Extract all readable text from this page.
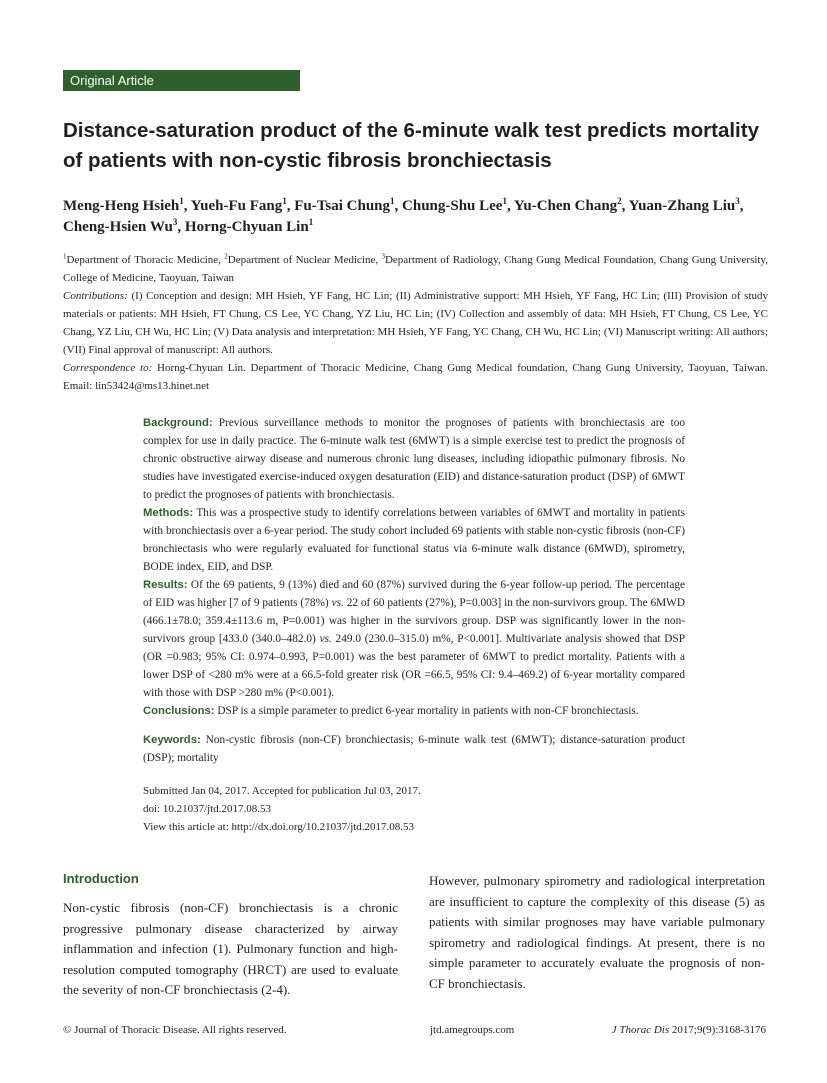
Original Article
Distance-saturation product of the 6-minute walk test predicts mortality of patients with non-cystic fibrosis bronchiectasis
Meng-Heng Hsieh$^1$, Yueh-Fu Fang$^1$, Fu-Tsai Chung$^1$, Chung-Shu Lee$^1$, Yu-Chen Chang$^2$, Yuan-Zhang Liu$^3$, Cheng-Hsien Wu$^3$, Horng-Chyuan Lin$^1$
$^1$Department of Thoracic Medicine, $^2$Department of Nuclear Medicine, $^3$Department of Radiology, Chang Gung Medical Foundation, Chang Gung University, College of Medicine, Taoyuan, Taiwan
Contributions: (I) Conception and design: MH Hsieh, YF Fang, HC Lin; (II) Administrative support: MH Hsieh, YF Fang, HC Lin; (III) Provision of study materials or patients: MH Hsieh, FT Chung, CS Lee, YC Chang, YZ Liu, HC Lin; (IV) Collection and assembly of data: MH Hsieh, FT Chung, CS Lee, YC Chang, YZ Liu, CH Wu, HC Lin; (V) Data analysis and interpretation: MH Hsieh, YF Fang, YC Chang, CH Wu, HC Lin; (VI) Manuscript writing: All authors; (VII) Final approval of manuscript: All authors.
Correspondence to: Horng-Chyuan Lin. Department of Thoracic Medicine, Chang Gung Medical foundation, Chang Gung University, Taoyuan, Taiwan. Email: lin53424@ms13.hinet.net

Background: Previous surveillance methods to monitor the prognoses of patients with bronchiectasis are too complex for use in daily practice. The 6-minute walk test (6MWT) is a simple exercise test to predict the prognosis of chronic obstructive airway disease and numerous chronic lung diseases, including idiopathic pulmonary fibrosis. No studies have investigated exercise-induced oxygen desaturation (EID) and distance-saturation product (DSP) of 6MWT to predict the prognoses of patients with bronchiectasis.

Methods: This was a prospective study to identify correlations between variables of 6MWT and mortality in patients with bronchiectasis over a 6-year period. The study cohort included 69 patients with stable non-cystic fibrosis (non-CF) bronchiectasis who were regularly evaluated for functional status via 6-minute walk distance (6MWD), spirometry, BODE index, EID, and DSP.

Results: Of the 69 patients, 9 (13%) died and 60 (87%) survived during the 6-year follow-up period. The percentage of EID was higher [7 of 9 patients (78%) vs. 22 of 60 patients (27%), P=0.003] in the non-survivors group. The 6MWD (466.1±78.0; 359.4±113.6 m, P=0.001) was higher in the survivors group. DSP was significantly lower in the non-survivors group [433.0 (340.0–482.0) vs. 249.0 (230.0–315.0) m%, P<0.001]. Multivariate analysis showed that DSP (OR =0.983; 95% CI: 0.974–0.993, P=0.001) was the best parameter of 6MWT to predict mortality. Patients with a lower DSP of <280 m% were at a 66.5-fold greater risk (OR =66.5, 95% CI: 9.4–469.2) of 6-year mortality compared with those with DSP >280 m% (P<0.001).

Conclusions: DSP is a simple parameter to predict 6-year mortality in patients with non-CF bronchiectasis.

Keywords: Non-cystic fibrosis (non-CF) bronchiectasis; 6-minute walk test (6MWT); distance-saturation product (DSP); mortality

Submitted Jan 04, 2017. Accepted for publication Jul 03, 2017.
doi: 10.21037/jtd.2017.08.53
View this article at: http://dx.doi.org/10.21037/jtd.2017.08.53
Introduction

Non-cystic fibrosis (non-CF) bronchiectasis is a chronic progressive pulmonary disease characterized by airway inflammation and infection (1). Pulmonary function and high-resolution computed tomography (HRCT) are used to evaluate the severity of non-CF bronchiectasis (2-4).

However, pulmonary spirometry and radiological interpretation are insufficient to capture the complexity of this disease (5) as patients with similar prognoses may have variable pulmonary spirometry and radiological findings. At present, there is no simple parameter to accurately evaluate the prognosis of non-CF bronchiectasis.

© Journal of Thoracic Disease. All rights reserved.	jtd.amegroups.com	J Thorac Dis 2017;9(9):3168-3176
